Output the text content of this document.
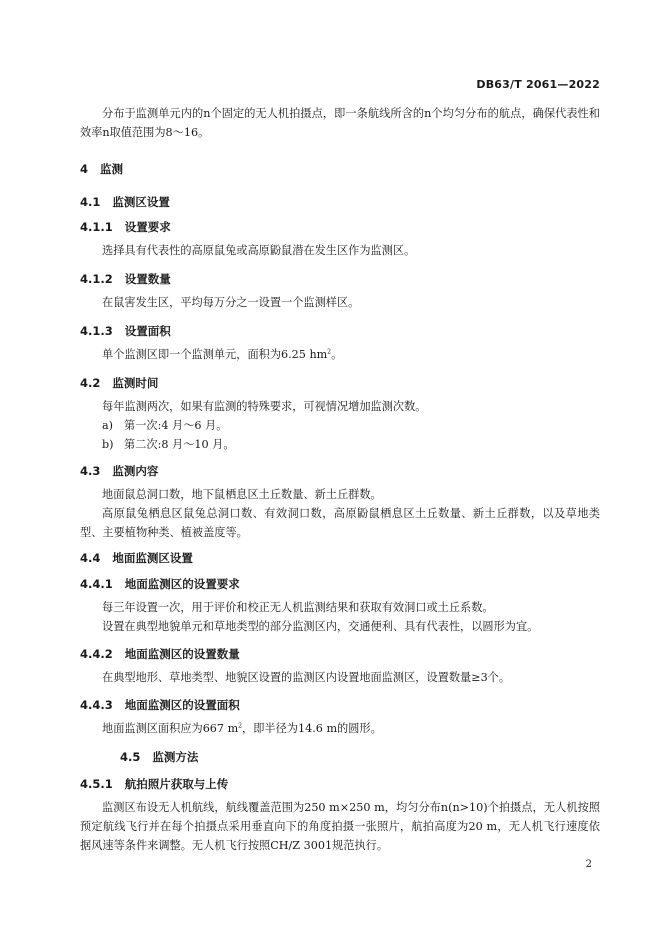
DB63/T 2061—2022

分布于监测单元内的n个固定的无人机拍摄点，即一条航线所含的n个均匀分布的航点，确保代表性和效率n取值范围为8～16。

4 监测

4.1 监测区设置

4.1.1 设置要求

选择具有代表性的高原鼠兔或高原鼢鼠潜在发生区作为监测区。

4.1.2 设置数量

在鼠害发生区，平均每万分之一设置一个监测样区。

4.1.3 设置面积

单个监测区即一个监测单元，面积为6.25 $hm^2$。

4.2 监测时间

每年监测两次，如果有监测的特殊要求，可视情况增加监测次数。

a) 第一次:4 月～6 月。

b) 第二次:8 月～10 月。

4.3 监测内容

地面鼠总洞口数，地下鼠栖息区土丘数量、新土丘群数。

高原鼠兔栖息区鼠兔总洞口数、有效洞口数，高原鼢鼠栖息区土丘数量、新土丘群数，以及草地类型、主要植物种类、植被盖度等。

4.4 地面监测区设置

4.4.1 地面监测区的设置要求

每三年设置一次，用于评价和校正无人机监测结果和获取有效洞口或土丘系数。

设置在典型地貌单元和草地类型的部分监测区内，交通便利、具有代表性，以圆形为宜。

4.4.2 地面监测区的设置数量

在典型地形、草地类型、地貌区设置的监测区内设置地面监测区，设置数量≥3个。

4.4.3 地面监测区的设置面积

地面监测区面积应为667 $m^2$，即半径为14.6 m的圆形。

4.5 监测方法

4.5.1 航拍照片获取与上传

监测区布设无人机航线，航线覆盖范围为250 m×250 m，均匀分布n(n>10)个拍摄点，无人机按照预定航线飞行并在每个拍摄点采用垂直向下的角度拍摄一张照片，航拍高度为20 m，无人机飞行速度依据风速等条件来调整。无人机飞行按照CH/Z 3001规范执行。

2
